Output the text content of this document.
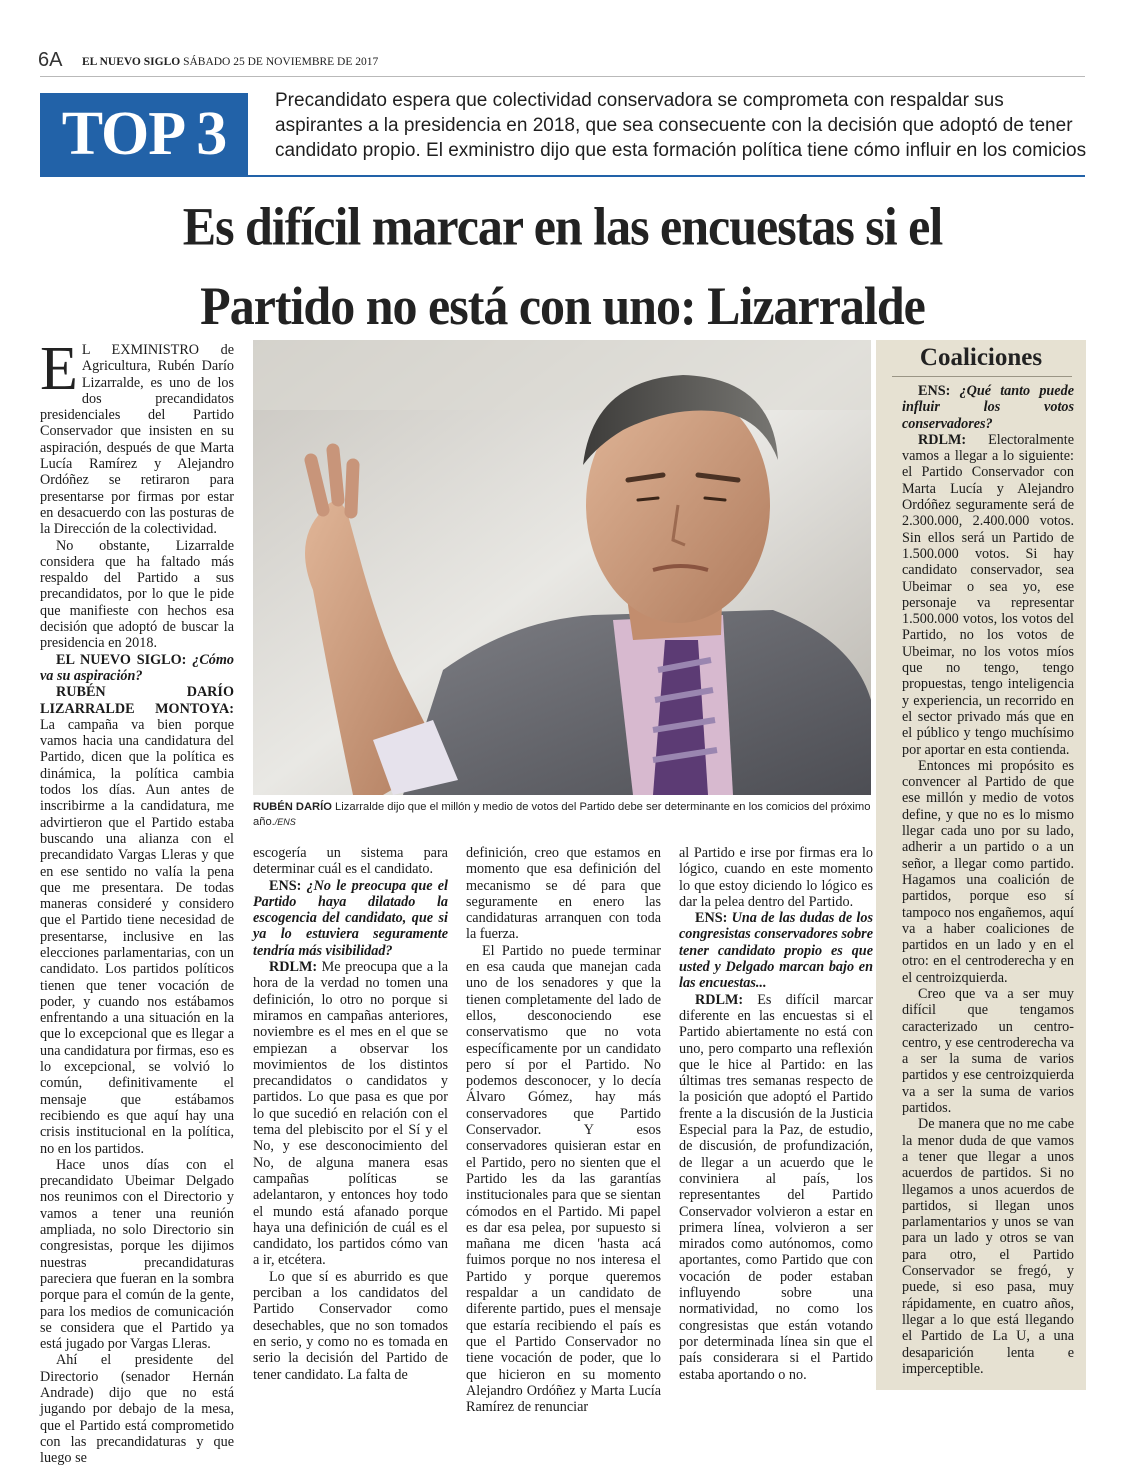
6A EL NUEVO SIGLO SÁBADO 25 DE NOVIEMBRE DE 2017
TOP 3	Precandidato espera que colectividad conservadora se comprometa con respaldar sus aspirantes a la presidencia en 2018, que sea consecuente con la decisión que adoptó de tener candidato propio. El exministro dijo que esta formación política tiene cómo influir en los comicios
Es difícil marcar en las encuestas si el
Partido no está con uno: Lizarralde

E L EXMINISTRO de Agricultura, Rubén Darío Lizarralde, es uno de los dos precandidatos presidenciales del Partido Conservador que insisten en su aspiración, después de que Marta Lucía Ramírez y Alejandro Ordóñez se retiraron para presentarse por firmas por estar en desacuerdo con las posturas de la Dirección de la colectividad.

No obstante, Lizarralde considera que ha faltado más respaldo del Partido a sus precandidatos, por lo que le pide que manifieste con hechos esa decisión que adoptó de buscar la presidencia en 2018.

EL NUEVO SIGLO: ¿Cómo va su aspiración?

RUBÉN DARÍO LIZARRALDE MONTOYA: La campaña va bien porque vamos hacia una candidatura del Partido, dicen que la política es dinámica, la política cambia todos los días. Aun antes de inscribirme a la candidatura, me advirtieron que el Partido estaba buscando una alianza con el precandidato Vargas Lleras y que en ese sentido no valía la pena que me presentara. De todas maneras consideré y considero que el Partido tiene necesidad de presentarse, inclusive en las elecciones parlamentarias, con un candidato. Los partidos políticos tienen que tener vocación de poder, y cuando nos estábamos enfrentando a una situación en la que lo excepcional que es llegar a una candidatura por firmas, eso es lo excepcional, se volvió lo común, definitivamente el mensaje que estábamos recibiendo es que aquí hay una crisis institucional en la política, no en los partidos.

Hace unos días con el precandidato Ubeimar Delgado nos reunimos con el Directorio y vamos a tener una reunión ampliada, no solo Directorio sin congresistas, porque les dijimos nuestras precandidaturas pareciera que fueran en la sombra porque para el común de la gente, para los medios de comunicación se considera que el Partido ya está jugado por Vargas Lleras.

Ahí el presidente del Directorio (senador Hernán Andrade) dijo que no está jugando por debajo de la mesa, que el Partido está comprometido con las precandidaturas y que luego se

RUBÉN DARÍO Lizarralde dijo que el millón y medio de votos del Partido debe ser determinante en los comicios del próximo año./ENS

escogería un sistema para determinar cuál es el candidato.

ENS: ¿No le preocupa que el Partido haya dilatado la escogencia del candidato, que si ya lo estuviera seguramente tendría más visibilidad?

RDLM: Me preocupa que a la hora de la verdad no tomen una definición, lo otro no porque si miramos en campañas anteriores, noviembre es el mes en el que se empiezan a observar los movimientos de los distintos precandidatos o candidatos y partidos. Lo que pasa es que por lo que sucedió en relación con el tema del plebiscito por el Sí y el No, y ese desconocimiento del No, de alguna manera esas campañas políticas se adelantaron, y entonces hoy todo el mundo está afanado porque haya una definición de cuál es el candidato, los partidos cómo van a ir, etcétera.

Lo que sí es aburrido es que perciban a los candidatos del Partido Conservador como desechables, que no son tomados en serio, y como no es tomada en serio la decisión del Partido de tener candidato. La falta de

definición, creo que estamos en momento que esa definición del mecanismo se dé para que seguramente en enero las candidaturas arranquen con toda la fuerza.

El Partido no puede terminar en esa cauda que manejan cada uno de los senadores y que la tienen completamente del lado de ellos, desconociendo ese conservatismo que no vota específicamente por un candidato pero sí por el Partido. No podemos desconocer, y lo decía Álvaro Gómez, hay más conservadores que Partido Conservador. Y esos conservadores quisieran estar en el Partido, pero no sienten que el Partido les da las garantías institucionales para que se sientan cómodos en el Partido. Mi papel es dar esa pelea, por supuesto si mañana me dicen 'hasta acá fuimos porque no nos interesa el Partido y porque queremos respaldar a un candidato de diferente partido, pues el mensaje que estaría recibiendo el país es que el Partido Conservador no tiene vocación de poder, que lo que hicieron en su momento Alejandro Ordóñez y Marta Lucía Ramírez de renunciar

al Partido e irse por firmas era lo lógico, cuando en este momento lo que estoy diciendo lo lógico es dar la pelea dentro del Partido.

ENS: Una de las dudas de los congresistas conservadores sobre tener candidato propio es que usted y Delgado marcan bajo en las encuestas...

RDLM: Es difícil marcar diferente en las encuestas si el Partido abiertamente no está con uno, pero comparto una reflexión que le hice al Partido: en las últimas tres semanas respecto de la posición que adoptó el Partido frente a la discusión de la Justicia Especial para la Paz, de estudio, de discusión, de profundización, de llegar a un acuerdo que le conviniera al país, los representantes del Partido Conservador volvieron a estar en primera línea, volvieron a ser mirados como autónomos, como aportantes, como Partido que con vocación de poder estaban influyendo sobre una normatividad, no como los congresistas que están votando por determinada línea sin que el país considerara si el Partido estaba aportando o no.

Coaliciones

ENS: ¿Qué tanto puede influir los votos conservadores?

RDLM: Electoralmente vamos a llegar a lo siguiente: el Partido Conservador con Marta Lucía y Alejandro Ordóñez seguramente será de 2.300.000, 2.400.000 votos. Sin ellos será un Partido de 1.500.000 votos. Si hay candidato conservador, sea Ubeimar o sea yo, ese personaje va representar 1.500.000 votos, los votos del Partido, no los votos de Ubeimar, no los votos míos que no tengo, tengo propuestas, tengo inteligencia y experiencia, un recorrido en el sector privado más que en el público y tengo muchísimo por aportar en esta contienda.

Entonces mi propósito es convencer al Partido de que ese millón y medio de votos define, y que no es lo mismo llegar cada uno por su lado, adherir a un partido o a un señor, a llegar como partido. Hagamos una coalición de partidos, porque eso sí tampoco nos engañemos, aquí va a haber coaliciones de partidos en un lado y en el otro: en el centroderecha y en el centroizquierda.

Creo que va a ser muy difícil que tengamos caracterizado un centro-centro, y ese centroderecha va a ser la suma de varios partidos y ese centroizquierda va a ser la suma de varios partidos.

De manera que no me cabe la menor duda de que vamos a tener que llegar a unos acuerdos de partidos. Si no llegamos a unos acuerdos de partidos, si llegan unos parlamentarios y unos se van para un lado y otros se van para otro, el Partido Conservador se fregó, y puede, si eso pasa, muy rápidamente, en cuatro años, llegar a lo que está llegando el Partido de La U, a una desaparición lenta e imperceptible.
